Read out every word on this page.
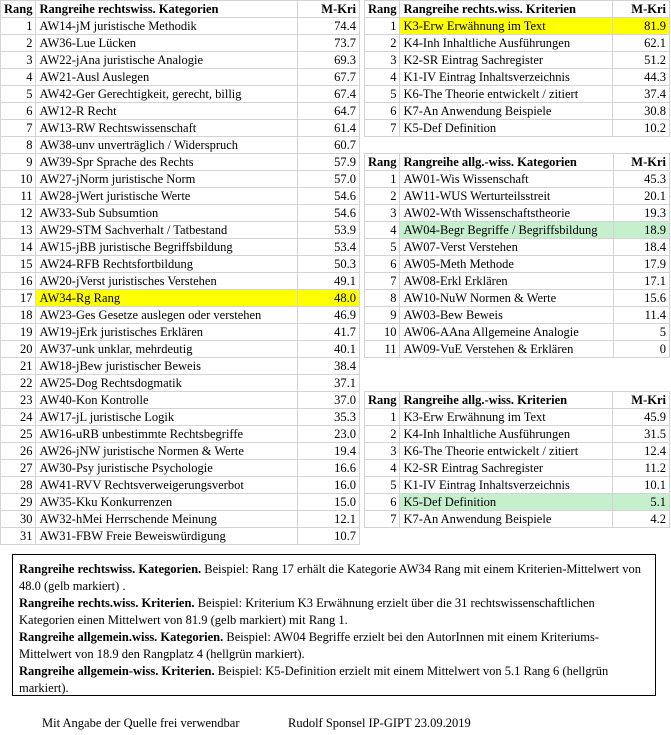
Rang	Rangreihe rechtswiss. Kategorien	M-Kri
1	AW14-jM juristische Methodik	74.4
2	AW36-Lue Lücken	73.7
3	AW22-jAna juristische Analogie	69.3
4	AW21-Ausl Auslegen	67.7
5	AW42-Ger Gerechtigkeit, gerecht, billig	67.4
6	AW12-R Recht	64.7
7	AW13-RW Rechtswissenschaft	61.4
8	AW38-unv unverträglich / Widerspruch	60.7
9	AW39-Spr Sprache des Rechts	57.9
10	AW27-jNorm juristische Norm	57.0
11	AW28-jWert juristische Werte	54.6
12	AW33-Sub Subsumtion	54.6
13	AW29-STM Sachverhalt / Tatbestand	53.9
14	AW15-jBB juristische Begriffsbildung	53.4
15	AW24-RFB Rechtsfortbildung	50.3
16	AW20-jVerst juristisches Verstehen	49.1
17	AW34-Rg Rang	48.0
18	AW23-Ges Gesetze auslegen oder verstehen	46.9
19	AW19-jErk juristisches Erklären	41.7
20	AW37-unk unklar, mehrdeutig	40.1
21	AW18-jBew juristischer Beweis	38.4
22	AW25-Dog Rechtsdogmatik	37.1
23	AW40-Kon Kontrolle	37.0
24	AW17-jL juristische Logik	35.3
25	AW16-uRB unbestimmte Rechtsbegriffe	23.0
26	AW26-jNW juristische Normen & Werte	19.4
27	AW30-Psy juristische Psychologie	16.6
28	AW41-RVV Rechtsverweigerungsverbot	16.0
29	AW35-Kku Konkurrenzen	15.0
30	AW32-hMei Herrschende Meinung	12.1
31	AW31-FBW Freie Beweiswürdigung	10.7
Rang	Rangreihe rechts.wiss. Kriterien	M-Kri
1	K3-Erw Erwähnung im Text	81.9
2	K4-Inh Inhaltliche Ausführungen	62.1
3	K2-SR Eintrag Sachregister	51.2
4	K1-IV Eintrag Inhaltsverzeichnis	44.3
5	K6-The Theorie entwickelt / zitiert	37.4
6	K7-An Anwendung Beispiele	30.8
7	K5-Def Definition	10.2
Rang	Rangreihe allg.-wiss. Kategorien	M-Kri
1	AW01-Wis Wissenschaft	45.3
2	AW11-WUS Werturteilsstreit	20.1
3	AW02-Wth Wissenschaftstheorie	19.3
4	AW04-Begr Begriffe / Begriffsbildung	18.9
5	AW07-Verst Verstehen	18.4
6	AW05-Meth Methode	17.9
7	AW08-Erkl Erklären	17.1
8	AW10-NuW Normen & Werte	15.6
9	AW03-Bew Beweis	11.4
10	AW06-AAna Allgemeine Analogie	5
11	AW09-VuE Verstehen & Erklären	0
Rang	Rangreihe allg.-wiss. Kriterien	M-Kri
1	K3-Erw Erwähnung im Text	45.9
2	K4-Inh Inhaltliche Ausführungen	31.5
3	K6-The Theorie entwickelt / zitiert	12.4
4	K2-SR Eintrag Sachregister	11.2
5	K1-IV Eintrag Inhaltsverzeichnis	10.1
6	K5-Def Definition	5.1
7	K7-An Anwendung Beispiele	4.2

Rangreihe rechtswiss. Kategorien. Beispiel: Rang 17 erhält die Kategorie AW34 Rang mit einem Kriterien-Mittelwert von 48.0 (gelb markiert) .

Rangreihe rechts.wiss. Kriterien. Beispiel: Kriterium K3 Erwähnung erzielt über die 31 rechtswissenschaftlichen Kategorien einen Mittelwert von 81.9 (gelb markiert) mit Rang 1.

Rangreihe allgemein.wiss. Kategorien. Beispiel: AW04 Begriffe erzielt bei den AutorInnen mit einem Kriteriums-Mittelwert von 18.9 den Rangplatz 4 (hellgrün markiert).

Rangreihe allgemein-wiss. Kriterien. Beispiel: K5-Definition erzielt mit einem Mittelwert von 5.1 Rang 6 (hellgrün markiert).

Mit Angabe der Quelle frei verwendbar	Rudolf Sponsel IP-GIPT 23.09.2019
